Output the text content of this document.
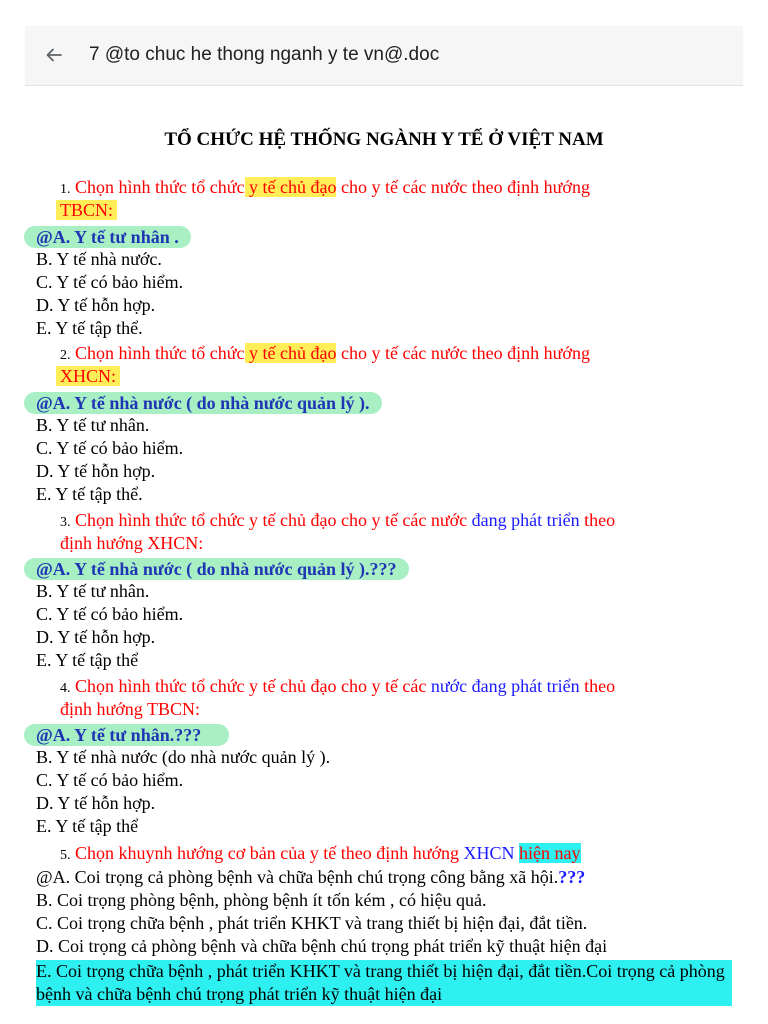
7 @to chuc he thong nganh y te vn@.doc
TỔ CHỨC HỆ THỐNG NGÀNH Y TẾ Ở VIỆT NAM
1. Chọn hình thức tổ chức y tế chủ đạo cho y tế các nước theo định hướng
TBCN:
@A. Y tế tư nhân .
B. Y tế nhà nước.
C. Y tế có bảo hiểm.
D. Y tế hỗn hợp.
E. Y tế tập thể.
2. Chọn hình thức tổ chức y tế chủ đạo cho y tế các nước theo định hướng
XHCN:
@A. Y tế nhà nước ( do nhà nước quản lý ).
B. Y tế tư nhân.
C. Y tế có bảo hiểm.
D. Y tế hỗn hợp.
E. Y tế tập thể.
3. Chọn hình thức tổ chức y tế chủ đạo cho y tế các nước đang phát triển theo
định hướng XHCN:
@A. Y tế nhà nước ( do nhà nước quản lý ).???
B. Y tế tư nhân.
C. Y tế có bảo hiểm.
D. Y tế hỗn hợp.
E. Y tế tập thể
4. Chọn hình thức tổ chức y tế chủ đạo cho y tế các nước đang phát triển theo
định hướng TBCN:
@A. Y tế tư nhân.???
B. Y tế nhà nước (do nhà nước quản lý ).
C. Y tế có bảo hiểm.
D. Y tế hỗn hợp.
E. Y tế tập thể
5. Chọn khuynh hướng cơ bản của y tế theo định hướng XHCN hiện nay
@A. Coi trọng cả phòng bệnh và chữa bệnh chú trọng công bằng xã hội.???
B. Coi trọng phòng bệnh, phòng bệnh ít tốn kém , có hiệu quả.
C. Coi trọng chữa bệnh , phát triển KHKT và trang thiết bị hiện đại, đắt tiền.
D. Coi trọng cả phòng bệnh và chữa bệnh chú trọng phát triển kỹ thuật hiện đại
E. Coi trọng chữa bệnh , phát triển KHKT và trang thiết bị hiện đại, đắt tiền.Coi trọng cả phòng bệnh và chữa bệnh chú trọng phát triển kỹ thuật hiện đại
